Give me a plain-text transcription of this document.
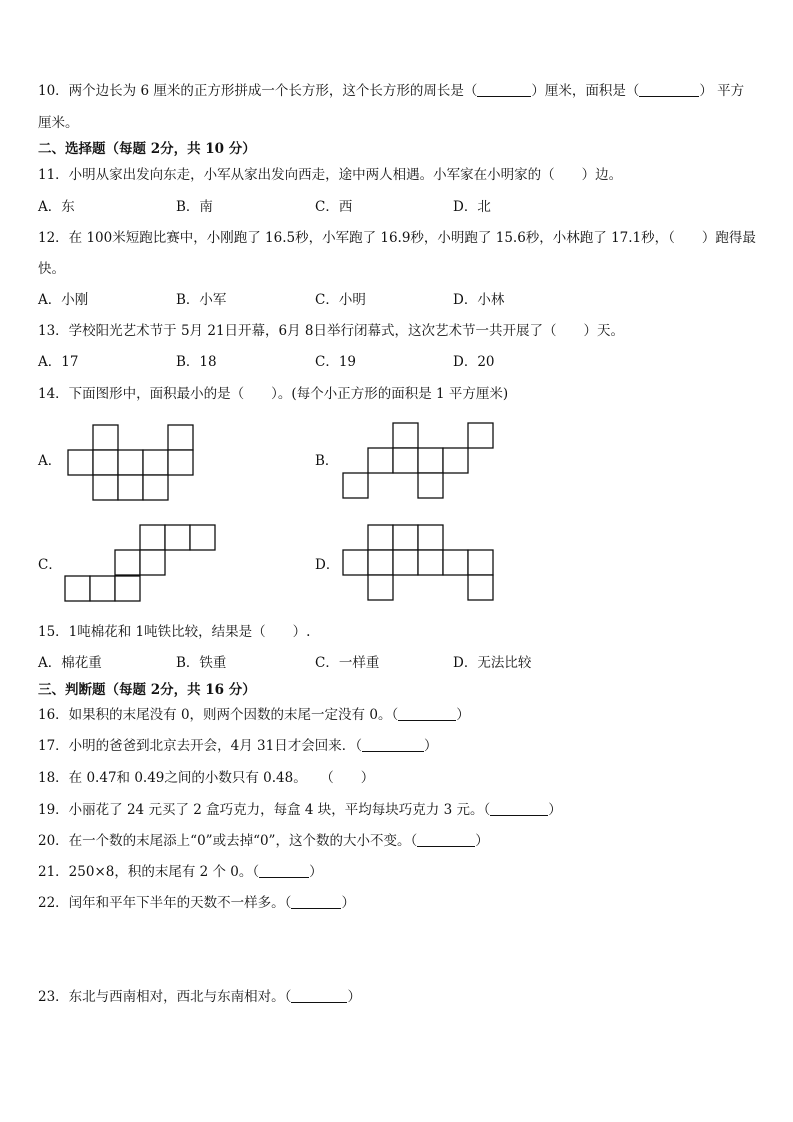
10．两个边长为 6 厘米的正方形拼成一个长方形，这个长方形的周长是（	）厘米，面积是（	） 平方
厘米。
二、选择题（每题 2分，共 10 分）
11．小明从家出发向东走，小军从家出发向西走，途中两人相遇。小军家在小明家的（　　）边。
A．东	B．南	C．西	D．北
12．在 100米短跑比赛中，小刚跑了 16.5秒，小军跑了 16.9秒，小明跑了 15.6秒，小林跑了 17.1秒，（　　）跑得最
快。
A．小刚	B．小军	C．小明	D．小林
13．学校阳光艺术节于 5月 21日开幕，6月 8日举行闭幕式，这次艺术节一共开展了（　　）天。
A．17	B．18	C．19	D．20
14．下面图形中，面积最小的是（　　）。(每个小正方形的面积是 1 平方厘米)
A．	B．
C．	D．
15．1吨棉花和 1吨铁比较，结果是（　　）.
A．棉花重	B．铁重	C．一样重	D．无法比较
三、判断题（每题 2分，共 16 分）
16．如果积的末尾没有 0，则两个因数的末尾一定没有 0。（	）
17．小明的爸爸到北京去开会，4月 31日才会回来．（	）
18．在 0.47和 0.49之间的小数只有 0.48。　　（　　）
19．小丽花了 24 元买了 2 盒巧克力，每盒 4 块，平均每块巧克力 3 元。（	）
20．在一个数的末尾添上“0”或去掉“0”，这个数的大小不变。（	）
21．250×8，积的末尾有 2 个 0。（	）
22．闰年和平年下半年的天数不一样多。（	）
23．东北与西南相对，西北与东南相对。（	）
